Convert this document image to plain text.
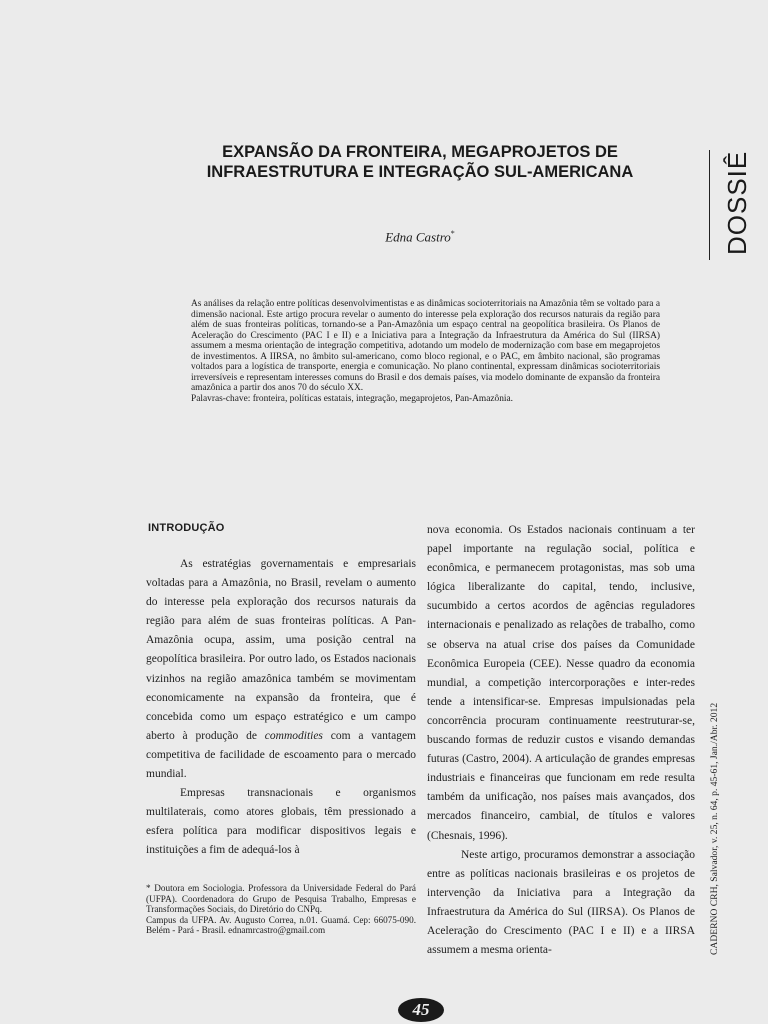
EXPANSÃO DA FRONTEIRA, MEGAPROJETOS DE
INFRAESTRUTURA E INTEGRAÇÃO SUL-AMERICANA
Edna Castro*	DOSSIÊ

As análises da relação entre políticas desenvolvimentistas e as dinâmicas socioterritoriais na Amazônia têm se voltado para a dimensão nacional. Este artigo procura revelar o aumento do interesse pela exploração dos recursos naturais da região para além de suas fronteiras políticas, tornando-se a Pan-Amazônia um espaço central na geopolítica brasileira. Os Planos de Aceleração do Crescimento (PAC I e II) e a Iniciativa para a Integração da Infraestrutura da América do Sul (IIRSA) assumem a mesma orientação de integração competitiva, adotando um modelo de modernização com base em megaprojetos de investimentos. A IIRSA, no âmbito sul-americano, como bloco regional, e o PAC, em âmbito nacional, são programas voltados para a logística de transporte, energia e comunicação. No plano continental, expressam dinâmicas socioterritoriais irreversíveis e representam interesses comuns do Brasil e dos demais países, via modelo dominante de expansão da fronteira amazônica a partir dos anos 70 do século XX.

Palavras-chave: fronteira, políticas estatais, integração, megaprojetos, Pan-Amazônia.

INTRODUÇÃO

As estratégias governamentais e empresariais voltadas para a Amazônia, no Brasil, revelam o aumento do interesse pela exploração dos recursos naturais da região para além de suas fronteiras políticas. A Pan-Amazônia ocupa, assim, uma posição central na geopolítica brasileira. Por outro lado, os Estados nacionais vizinhos na região amazônica também se movimentam economicamente na expansão da fronteira, que é concebida como um espaço estratégico e um campo aberto à produção de commodities com a vantagem competitiva de facilidade de escoamento para o mercado mundial.

Empresas transnacionais e organismos multilaterais, como atores globais, têm pressionado a esfera política para modificar dispositivos legais e instituições a fim de adequá-los à

nova economia. Os Estados nacionais continuam a ter papel importante na regulação social, política e econômica, e permanecem protagonistas, mas sob uma lógica liberalizante do capital, tendo, inclusive, sucumbido a certos acordos de agências reguladores internacionais e penalizado as relações de trabalho, como se observa na atual crise dos países da Comunidade Econômica Europeia (CEE). Nesse quadro da economia mundial, a competição intercorporações e inter-redes tende a intensificar-se. Empresas impulsionadas pela concorrência procuram continuamente reestruturar-se, buscando formas de reduzir custos e visando demandas futuras (Castro, 2004). A articulação de grandes empresas industriais e financeiras que funcionam em rede resulta também da unificação, nos países mais avançados, dos mercados financeiro, cambial, de títulos e valores (Chesnais, 1996).

Neste artigo, procuramos demonstrar a associação entre as políticas nacionais brasileiras e os projetos de intervenção da Iniciativa para a Integração da Infraestrutura da América do Sul (IIRSA). Os Planos de Aceleração do Crescimento (PAC I e II) e a IIRSA assumem a mesma orienta-

* Doutora em Sociologia. Professora da Universidade Federal do Pará (UFPA). Coordenadora do Grupo de Pesquisa Trabalho, Empresas e Transformações Sociais, do Diretório do CNPq.

Campus da UFPA. Av. Augusto Correa, n.01. Guamá. Cep: 66075-090. Belém - Pará - Brasil. ednamrcastro@gmail.com	CADERNO CRH, Salvador, v. 25, n. 64, p. 45-61, Jan./Abr. 2012
45
